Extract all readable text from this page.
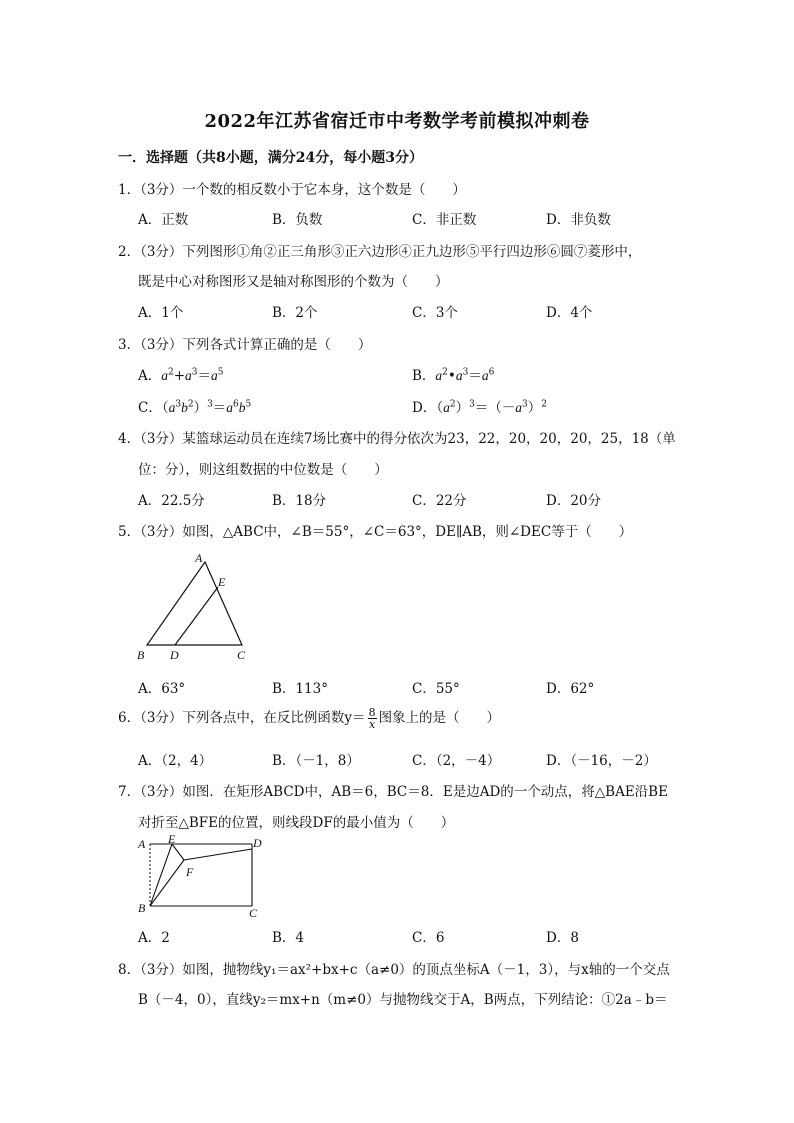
2022年江苏省宿迁市中考数学考前模拟冲刺卷
一．选择题（共8小题，满分24分，每小题3分）
1．（3分）一个数的相反数小于它本身，这个数是（　　）
A．正数	B．负数	C．非正数	D．非负数
2．（3分）下列图形①角②正三角形③正六边形④正九边形⑤平行四边形⑥圆⑦菱形中，
既是中心对称图形又是轴对称图形的个数为（　　）
A．1个	B．2个	C．3个	D．4个
3．（3分）下列各式计算正确的是（　　）
A．$a^2+a^3=a^5$	B．$a^2•a^3=a^6$
C．$(a^3b^2)^3=a^6b^5$	D．$(a^2)^3=(-a^3)^2$
4．（3分）某篮球运动员在连续7场比赛中的得分依次为23，22，20，20，20，25，18（单
位：分），则这组数据的中位数是（　　）
A．22.5分	B．18分	C．22分	D．20分
5．（3分）如图，△ABC中，∠B＝55°，∠C＝63°，DE∥AB，则∠DEC等于（　　）
A
E
B D	C
A．63°	B．113°	C．55°	D．62°
6．（3分）下列各点中，在反比例函数$y= \frac{8}{x}$ 图象上的是（　　）
A．（2，4）	B．（－1，8）	C．（2，－4）	D．（－16，－2）
7．（3分）如图．在矩形ABCD中，AB＝6，BC＝8．E是边AD的一个动点，将△BAE沿BE
对折至△BFE的位置，则线段DF的最小值为（　　）
A E	D
F
B	C
A．2	B．4	C．6	D．8
8．（3分）如图，抛物线y₁＝ax²+bx+c（a≠0）的顶点坐标A（－1，3），与x轴的一个交点
B（－4，0），直线y₂＝mx+n（m≠0）与抛物线交于A，B两点，下列结论：①2a﹣b＝
